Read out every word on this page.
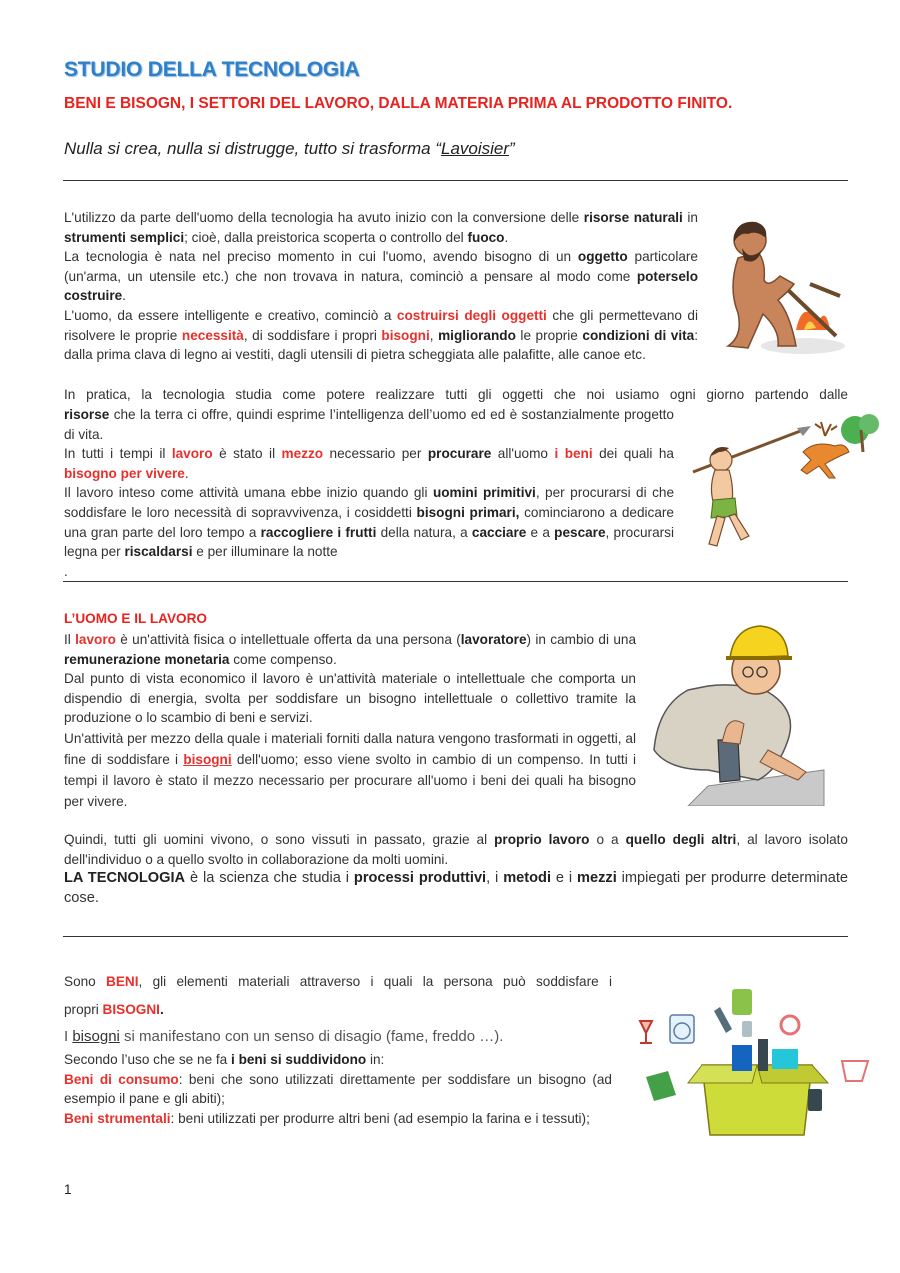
STUDIO DELLA TECNOLOGIA
BENI E BISOGN, I SETTORI DEL LAVORO, DALLA MATERIA PRIMA AL PRODOTTO FINITO.
Nulla si crea, nulla si distrugge, tutto si trasforma “Lavoisier”
L'utilizzo da parte dell'uomo della tecnologia ha avuto inizio con la conversione delle risorse naturali in strumenti semplici; cioè, dalla preistorica scoperta o controllo del fuoco.
La tecnologia è nata nel preciso momento in cui l'uomo, avendo bisogno di un oggetto particolare (un'arma, un utensile etc.) che non trovava in natura, cominciò a pensare al modo come poterselo costruire.
L'uomo, da essere intelligente e creativo, cominciò a costruirsi degli oggetti che gli permettevano di risolvere le proprie necessità, di soddisfare i propri bisogni, migliorando le proprie condizioni di vita: dalla prima clava di legno ai vestiti, dagli utensili di pietra scheggiata alle palafitte, alle canoe etc.
In pratica, la tecnologia studia come potere realizzare tutti gli oggetti che noi usiamo ogni giorno partendo dalle
risorse che la terra ci offre, quindi esprime l’intelligenza dell’uomo ed ed è sostanzialmente progetto di vita.
In tutti i tempi il lavoro è stato il mezzo necessario per procurare all'uomo i beni dei quali ha bisogno per vivere.
Il lavoro inteso come attività umana ebbe inizio quando gli uomini primitivi, per procurarsi di che soddisfare le loro necessità di sopravvivenza, i cosiddetti bisogni primari, cominciarono a dedicare una gran parte del loro tempo a raccogliere i frutti della natura, a cacciare e a pescare, procurarsi legna per riscaldarsi e per illuminare la notte
.
L’UOMO E IL LAVORO
Il lavoro è un'attività fisica o intellettuale offerta da una persona (lavoratore) in cambio di una remunerazione monetaria come compenso.
Dal punto di vista economico il lavoro è un'attività materiale o intellettuale che comporta un dispendio di energia, svolta per soddisfare un bisogno intellettuale o collettivo tramite la produzione o lo scambio di beni e servizi.
Un'attività per mezzo della quale i materiali forniti dalla natura vengono trasformati in oggetti, al fine di soddisfare i bisogni dell'uomo; esso viene svolto in cambio di un compenso. In tutti i tempi il lavoro è stato il mezzo necessario per procurare all'uomo i beni dei quali ha bisogno per vivere.
Quindi, tutti gli uomini vivono, o sono vissuti in passato, grazie al proprio lavoro o a quello degli altri, al lavoro isolato dell'individuo o a quello svolto in collaborazione da molti uomini.
LA TECNOLOGIA è la scienza che studia i processi produttivi, i metodi e i mezzi impiegati per produrre determinate cose.
Sono BENI, gli elementi materiali attraverso i quali la persona può soddisfare i
propri BISOGNI.
I bisogni si manifestano con un senso di disagio (fame, freddo …).
Secondo l’uso che se ne fa i beni si suddividono in:
Beni di consumo: beni che sono utilizzati direttamente per soddisfare un bisogno (ad esempio il pane e gli abiti);
Beni strumentali: beni utilizzati per produrre altri beni (ad esempio la farina e i tessuti);
1
